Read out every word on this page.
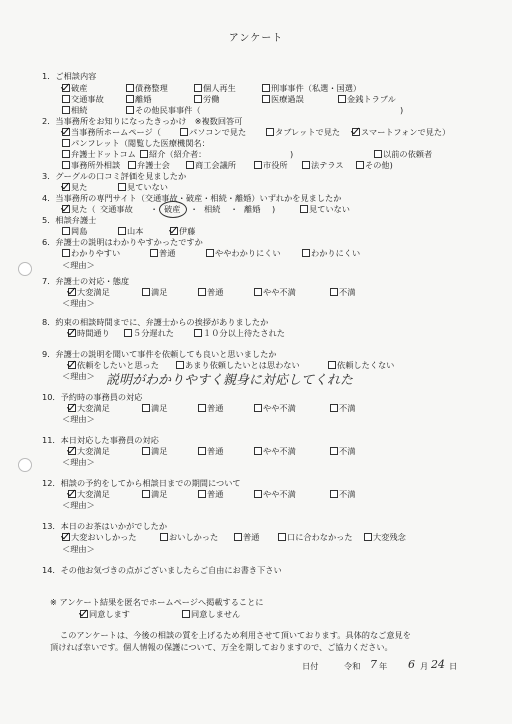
アンケート
1．ご相談内容
破産	債務整理	個人再生	刑事事件（私選・国選）
交通事故	離婚	労働	医療過誤	金銭トラブル
相続	その他民事事件（	)
2．当事務所をお知りになったきっかけ　※複数回答可
当事務所ホームページ（	パソコンで見た	タブレットで見た	スマートフォンで見た）
パンフレット（閲覧した医療機関名：
弁護士ドットコム	紹介（紹介者：	)	以前の依頼者
事務所外相談	弁護士会	商工会議所	市役所	法テラス	その他)
3．グーグルの口コミ評価を見ましたか
見た	見ていない
4．当事務所の専門サイト（交通事故・破産・相続・離婚）いずれかを見ましたか
見た（ 交通事故 ・ 破産 ・ 相続 ・ 離婚 )	見ていない
5．相談弁護士
岡島	山本	伊藤
6．弁護士の説明はわかりやすかったですか
わかりやすい	普通	ややわかりにくい	わかりにくい
＜理由＞
7．弁護士の対応・態度
大変満足	満足	普通	やや不満	不満
＜理由＞
8．約束の相談時間までに、弁護士からの挨拶がありましたか
時間通り	５分遅れた	１０分以上待たされた
9．弁護士の説明を聞いて事件を依頼しても良いと思いましたか
依頼をしたいと思った	あまり依頼したいとは思わない	依頼したくない
＜理由＞ 説明がわかりやすく親身に対応してくれた
10．予約時の事務員の対応
大変満足	満足	普通	やや不満	不満
＜理由＞
11．本日対応した事務員の対応
大変満足	満足	普通	やや不満	不満
＜理由＞
12．相談の予約をしてから相談日までの期間について
大変満足	満足	普通	やや不満	不満
＜理由＞
13．本日のお茶はいかがでしたか
大変おいしかった	おいしかった	普通	口に合わなかった	大変残念
＜理由＞
14．その他お気づきの点がございましたらご自由にお書き下さい
※ アンケート結果を匿名でホームページへ掲載することに
同意します	同意しません
このアンケートは、今後の相談の質を上げるため利用させて頂いております。具体的なご意見を
頂ければ幸いです。個人情報の保護について、万全を期しておりますので、ご協力ください。
日付	令和 7 年 6 月 24 日
